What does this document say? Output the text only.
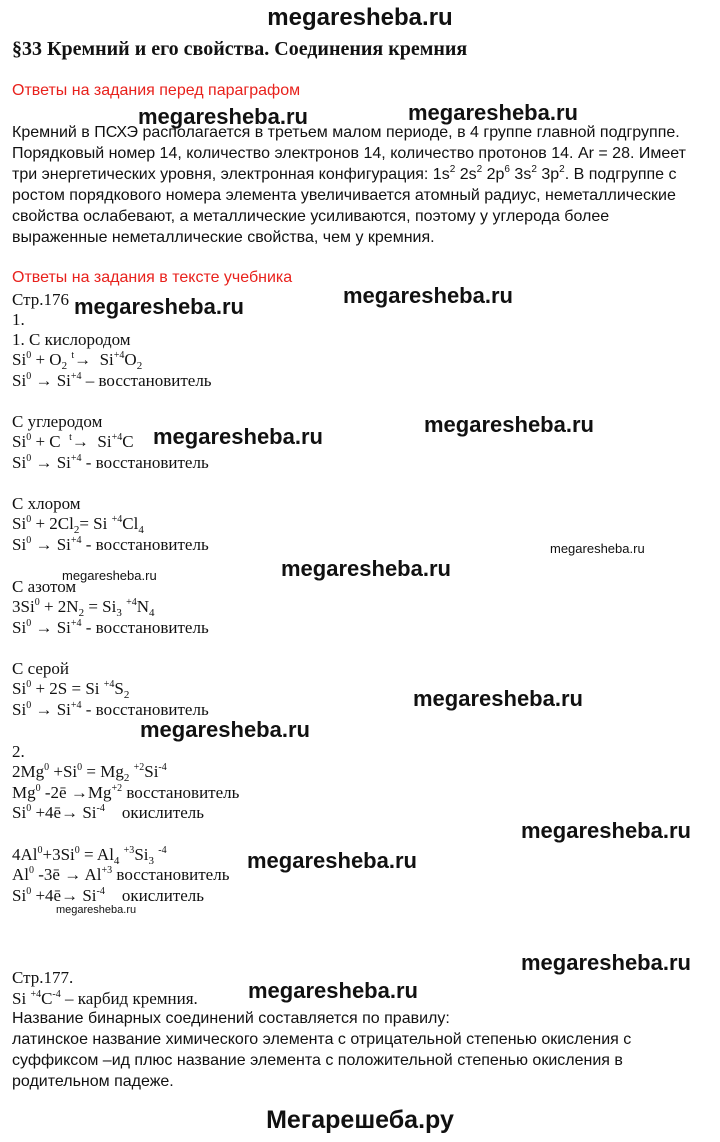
megaresheba.ru
§33 Кремний и его свойства. Соединения кремния
Ответы на задания перед параграфом
Кремний в ПСХЭ располагается в третьем малом периоде, в 4 группе главной подгруппе.
Порядковый номер 14, количество электронов 14, количество протонов 14. Ar = 28. Имеет
три энергетических уровня, электронная конфигурация: $1s^2$ $2s^2$ $2p^6$ $3s^2$ $3p^2$. В подгруппе с
ростом порядкового номера элемента увеличивается атомный радиус, неметаллические
свойства ослабевают, а металлические усиливаются, поэтому у углерода более
выраженные неметаллические свойства, чем у кремния.
Ответы на задания в тексте учебника
Стр.176
1.
1. С кислородом
$Si^0 + O_2$ $^t\to Si^{+4}O_2$
$Si^0 \to Si^{+4}$ – восстановитель
С углеродом
$Si^0 + C$  $^t\to Si^{+4}C$
$Si^0 \to Si^{+4}$ - восстановитель
С хлором
$Si^0 + 2Cl_2= Si$ $^{+4}Cl_4$
$Si^0 \to Si^{+4}$ - восстановитель
С азотом
$3Si^0 + 2N_2 = Si_3$ $^{+4}N_4$
$Si^0 \to Si^{+4}$ - восстановитель
С серой
$Si^0 + 2S = Si$ $^{+4}S_2$
$Si^0 \to Si^{+4}$ - восстановитель
2.
$2Mg^0 +Si^0 = Mg_2$ $^{+2}Si^{-4}$
Mg$^0$ -2ē $\to Mg^{+2}$ восстановитель
$Si^0$ +4ē→ $Si^{-4}$ окислитель
$4Al^0+3Si^0 = Al_4$ $^{+3}Si_3$ $^{-4}$
Al$^0$ -3ē → $Al^{+3}$ восстановитель
$Si^0$ +4ē→ $Si^{-4}$ окислитель
Стр.177.
Si $^{+4}C^{-4}$ – карбид кремния.
Название бинарных соединений составляется по правилу:
латинское название химического элемента с отрицательной степенью окисления с
суффиксом –ид плюс название элемента с положительной степенью окисления в
родительном падеже.
megaresheba.ru	megaresheba.ru
megaresheba.ru
megaresheba.ru
megaresheba.ru
megaresheba.ru
megaresheba.ru
megaresheba.ru
megaresheba.ru
megaresheba.ru
megaresheba.ru
megaresheba.ru
megaresheba.ru
megaresheba.ru
megaresheba.ru
megaresheba.ru
Мегарешеба.ру
